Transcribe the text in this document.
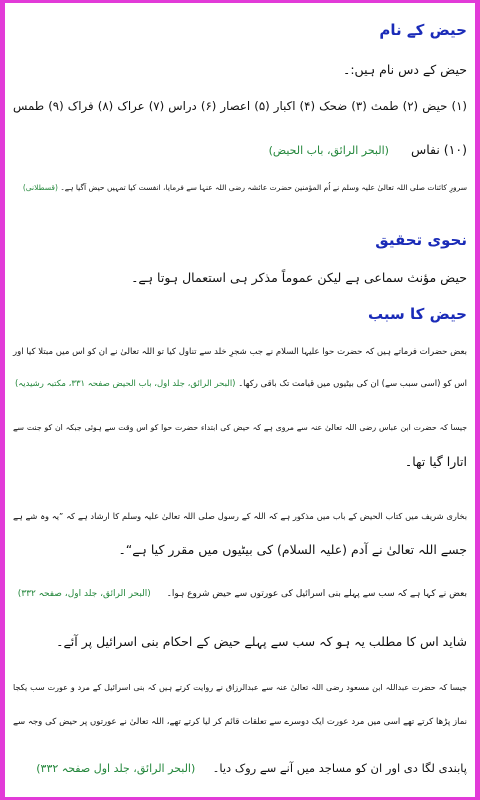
حیض کے نام
حیض کے دس نام ہیں:۔
(۱) حیض (۲) طمث (۳) ضحک (۴) اکبار (۵) اعصار (۶) دراس (۷) عراک (۸) فراک (۹) طمس
(۱۰) نفاس  (البحر الرائق، باب الحیض)
سرورِ کائنات صلی اللہ تعالیٰ علیہ وسلم نے اُم المؤمنین حضرت عائشہ رضی اللہ عنہا سے فرمایا، انفست کیا تمہیں حیض آگیا ہے۔ (قسطلانی)
نحوی تحقیق
حیض مؤنث سماعی ہے لیکن عموماً مذکر ہی استعمال ہوتا ہے۔
حیض کا سبب
بعض حضرات فرماتے ہیں کہ حضرت حوا علیہا السلام نے جب شجرِ خلد سے تناول کیا تو اللہ تعالیٰ نے ان کو اس میں مبتلا کیا اور
اس کو (اسی سبب سے) ان کی بیٹیوں میں قیامت تک باقی رکھا۔ (البحر الرائق، جلد اول، باب الحیض صفحہ ۳۳۱، مکتبہ رشیدیہ)
جیسا کہ حضرت ابن عباس رضی اللہ تعالیٰ عنہ سے مروی ہے کہ حیض کی ابتداء حضرت حوا کو اس وقت سے ہوئی جبکہ ان کو جنت سے
اتارا گیا تھا۔
بخاری شریف میں کتاب الحیض کے باب میں مذکور ہے کہ اللہ کے رسول صلی اللہ تعالیٰ علیہ وسلم کا ارشاد ہے کہ ”یہ وہ شے ہے
جسے اللہ تعالیٰ نے آدم (علیہ السلام) کی بیٹیوں میں مقرر کیا ہے“۔
بعض نے کہا ہے کہ سب سے پہلے بنی اسرائیل کی عورتوں سے حیض شروع ہوا۔  (البحر الرائق، جلد اول، صفحہ ۳۳۲)
شاید اس کا مطلب یہ ہو کہ سب سے پہلے حیض کے احکام بنی اسرائیل پر آئے۔
جیسا کہ حضرت عبداللہ ابن مسعود رضی اللہ تعالیٰ عنہ سے عبدالرزاق نے روایت کرتے ہیں کہ بنی اسرائیل کے مرد و عورت سب یکجا
نماز پڑھا کرتے تھے اسی میں مرد عورت ایک دوسرے سے تعلقات قائم کر لیا کرتے تھے، اللہ تعالیٰ نے عورتوں پر حیض کی وجہ سے
پابندی لگا دی اور ان کو مساجد میں آنے سے روک دیا۔  (البحر الرائق، جلد اول صفحہ ۳۳۲)
